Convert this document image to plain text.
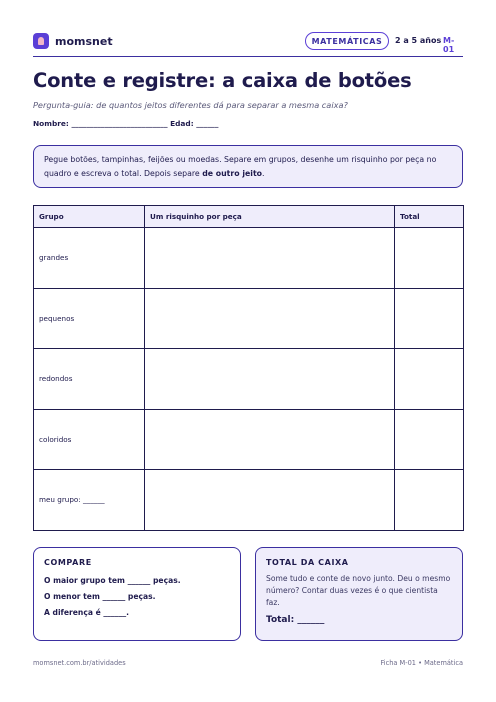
momsnet	MATEMÁTICAS	2 a 5 años M-01
Conte e registre: a caixa de botões
Pergunta-guia: de quantos jeitos diferentes dá para separar a mesma caixa?
Nombre: __________________________ Edad: ______
Pegue botões, tampinhas, feijões ou moedas. Separe em grupos, desenhe um risquinho por peça no quadro e escreva o total. Depois separe de outro jeito.
Grupo	Um risquinho por peça	Total
grandes		
pequenos		
redondos		
coloridos		
meu grupo: ______		
COMPARE
O maior grupo tem ______ peças.
O menor tem ______ peças.
A diferença é ______.
TOTAL DA CAIXA
Some tudo e conte de novo junto. Deu o mesmo número? Contar duas vezes é o que cientista faz.
Total: ______
momsnet.com.br/atividades	Ficha M-01 • Matemática
